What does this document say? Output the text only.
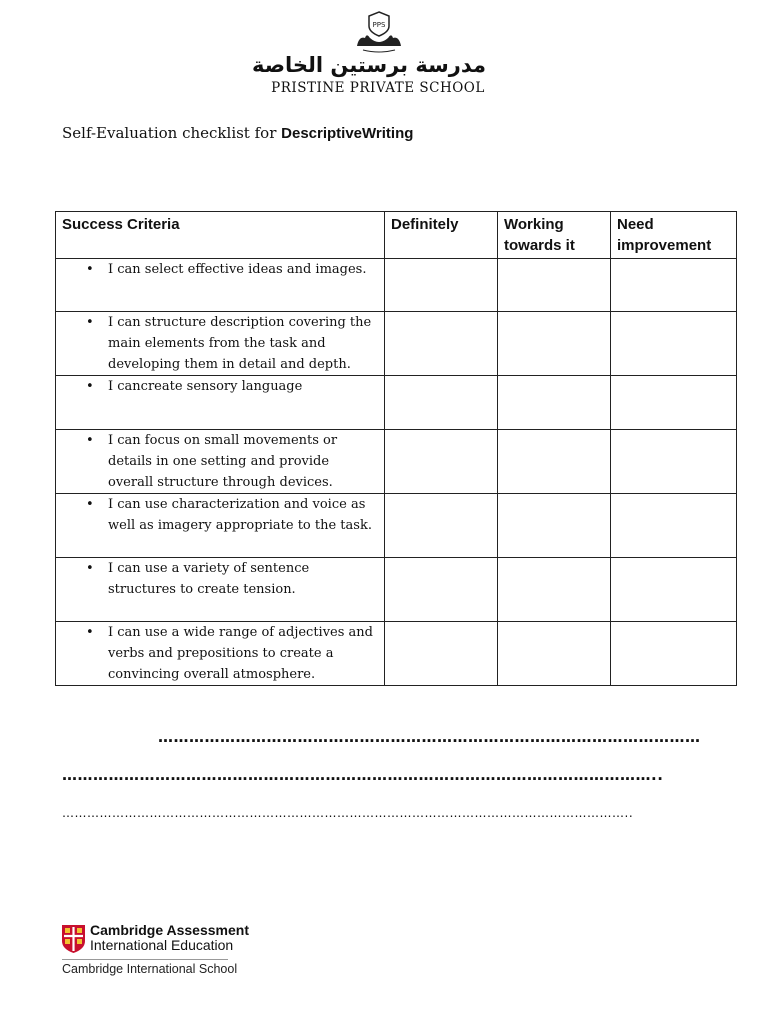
PPS
مدرسة برستين الخاصة
PRISTINE PRIVATE SCHOOL
Self-Evaluation checklist for DescriptiveWriting
Success Criteria	Definitely	Working towards it	Need improvement

• I can select effective ideas and images.			

• I can structure description covering the main elements from the task and developing them in detail and depth.			

• I cancreate sensory language			

• I can focus on small movements or details in one setting and provide overall structure through devices.			

• I can use characterization and voice as well as imagery appropriate to the task.			

• I can use a variety of sentence structures to create tension.			

• I can use a wide range of adjectives and verbs and prepositions to create a convincing overall atmosphere.			

……………………………………………………………………………………………
……………………………………………………………………………………………………..
………………………………………………………………………………………………………………………..
Cambridge Assessment
International Education
Cambridge International School
